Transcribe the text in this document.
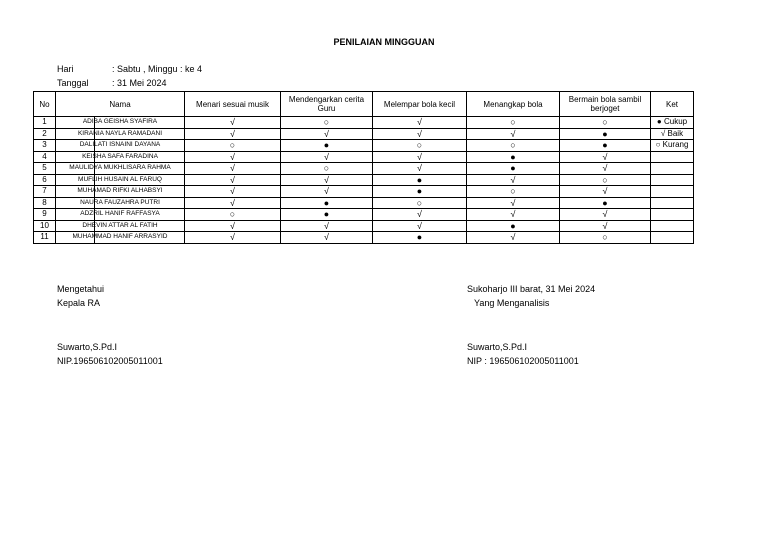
PENILAIAN MINGGUAN
Hari	: Sabtu , Minggu : ke 4
Tanggal	: 31 Mei 2024
No	Nama	Menari sesuai musik	Mendengarkan cerita Guru	Melempar bola kecil	Menangkap bola	Bermain bola sambil berjoget	Ket
1	ADIBA GEISHA SYAFIRA	√	○	√	○	○	● Cukup
2	KIRANIA NAYLA RAMADANI	√	√	√	√	●	√ Baik
3	DALILATI ISNAINI DAYANA	○	●	○	○	●	○ Kurang
4	KEISHA SAFA FARADINA	√	√	√	●	√	
5	MAULIDYA MUKHLISARA RAHMA	√	○	√	●	√	
6	MUFLIH HUSAIN AL FARUQ	√	√	●	√	○	
7	MUHAMAD RIFKI ALHABSYI	√	√	●	○	√	
8	NAURA FAUZAHRA PUTRI	√	●	○	√	●	
9	ADZRIL HANIF RAFFASYA	○	●	√	√	√	
10	DHEVIN ATTAR AL FATIH	√	√	√	●	√	
11	MUHAMMAD HANIF ARRASYID	√	√	●	√	○	
Mengetahui
Kepala RA
Suwarto,S.Pd.I
NIP.196506102005011001
Sukoharjo III barat, 31 Mei 2024
Yang Menganalisis
Suwarto,S.Pd.I
NIP : 196506102005011001
